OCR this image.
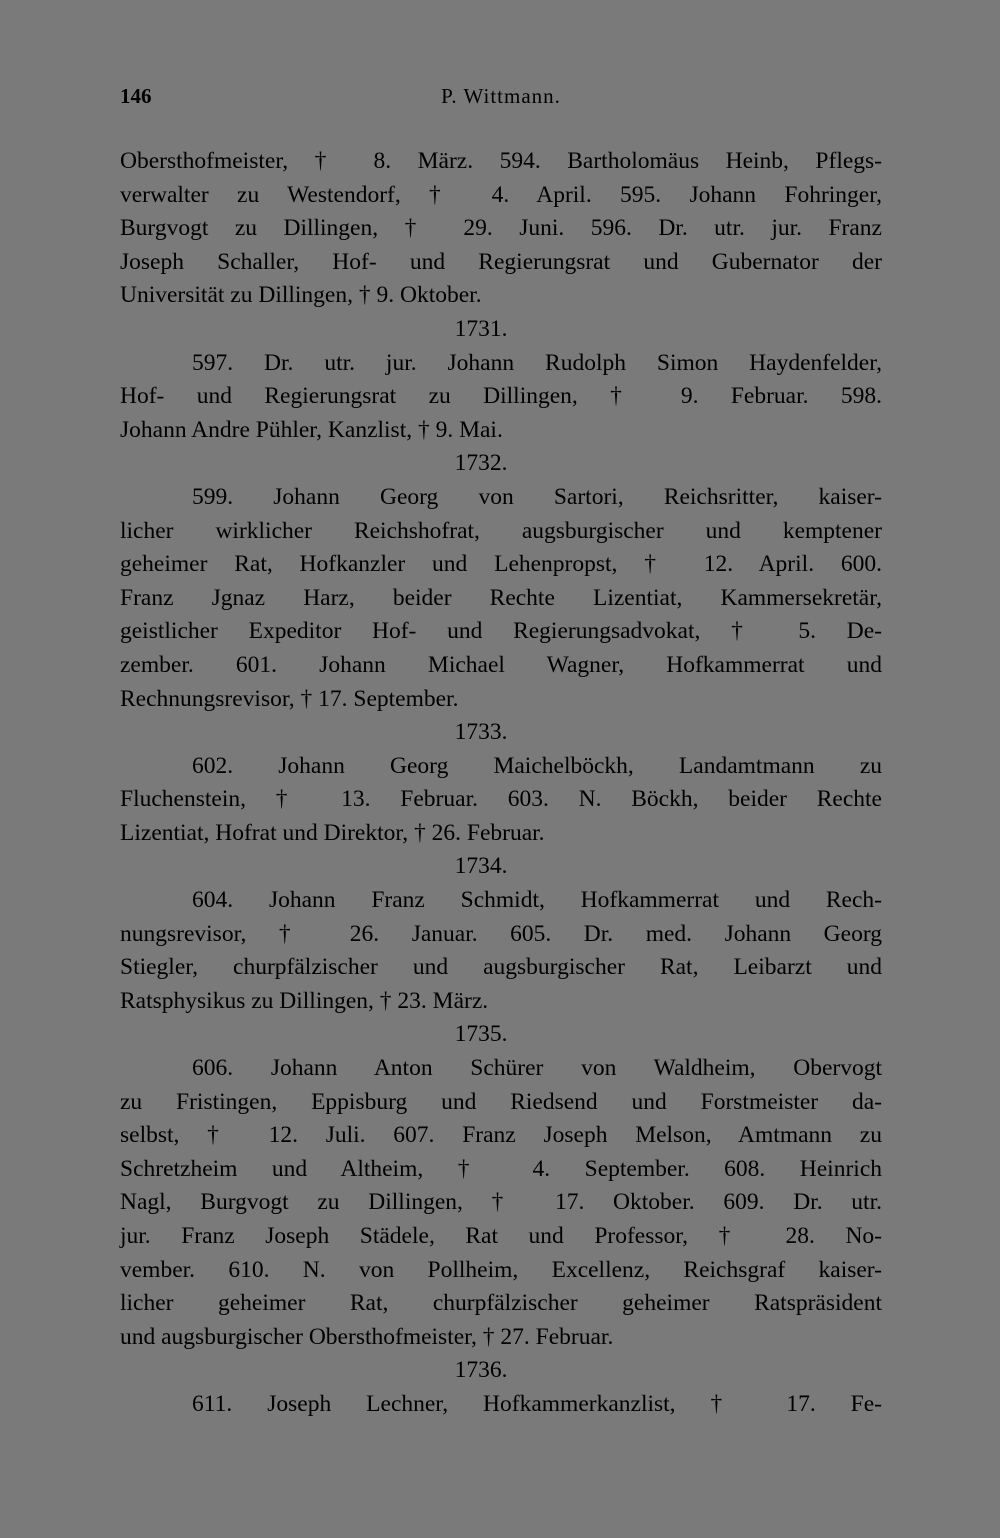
146	P. Wittmann.
Obersthofmeister, † 8. März. 594. Bartholomäus Heinb, Pflegs-
verwalter zu Westendorf, † 4. April. 595. Johann Fohringer,
Burgvogt zu Dillingen, † 29. Juni. 596. Dr. utr. jur. Franz
Joseph Schaller, Hof- und Regierungsrat und Gubernator der
Universität zu Dillingen, † 9. Oktober.
1731.
597. Dr. utr. jur. Johann Rudolph Simon Haydenfelder,
Hof- und Regierungsrat zu Dillingen, † 9. Februar. 598.
Johann Andre Pühler, Kanzlist, † 9. Mai.
1732.
599. Johann Georg von Sartori, Reichsritter, kaiser-
licher wirklicher Reichshofrat, augsburgischer und kemptener
geheimer Rat, Hofkanzler und Lehenpropst, † 12. April. 600.
Franz Jgnaz Harz, beider Rechte Lizentiat, Kammersekretär,
geistlicher Expeditor Hof- und Regierungsadvokat, † 5. De-
zember. 601. Johann Michael Wagner, Hofkammerrat und
Rechnungsrevisor, † 17. September.
1733.
602. Johann Georg Maichelböckh, Landamtmann zu
Fluchenstein, † 13. Februar. 603. N. Böckh, beider Rechte
Lizentiat, Hofrat und Direktor, † 26. Februar.
1734.
604. Johann Franz Schmidt, Hofkammerrat und Rech-
nungsrevisor, † 26. Januar. 605. Dr. med. Johann Georg
Stiegler, churpfälzischer und augsburgischer Rat, Leibarzt und
Ratsphysikus zu Dillingen, † 23. März.
1735.
606. Johann Anton Schürer von Waldheim, Obervogt
zu Fristingen, Eppisburg und Riedsend und Forstmeister da-
selbst, † 12. Juli. 607. Franz Joseph Melson, Amtmann zu
Schretzheim und Altheim, † 4. September. 608. Heinrich
Nagl, Burgvogt zu Dillingen, † 17. Oktober. 609. Dr. utr.
jur. Franz Joseph Städele, Rat und Professor, † 28. No-
vember. 610. N. von Pollheim, Excellenz, Reichsgraf kaiser-
licher geheimer Rat, churpfälzischer geheimer Ratspräsident
und augsburgischer Obersthofmeister, † 27. Februar.
1736.
611. Joseph Lechner, Hofkammerkanzlist, † 17. Fe-
